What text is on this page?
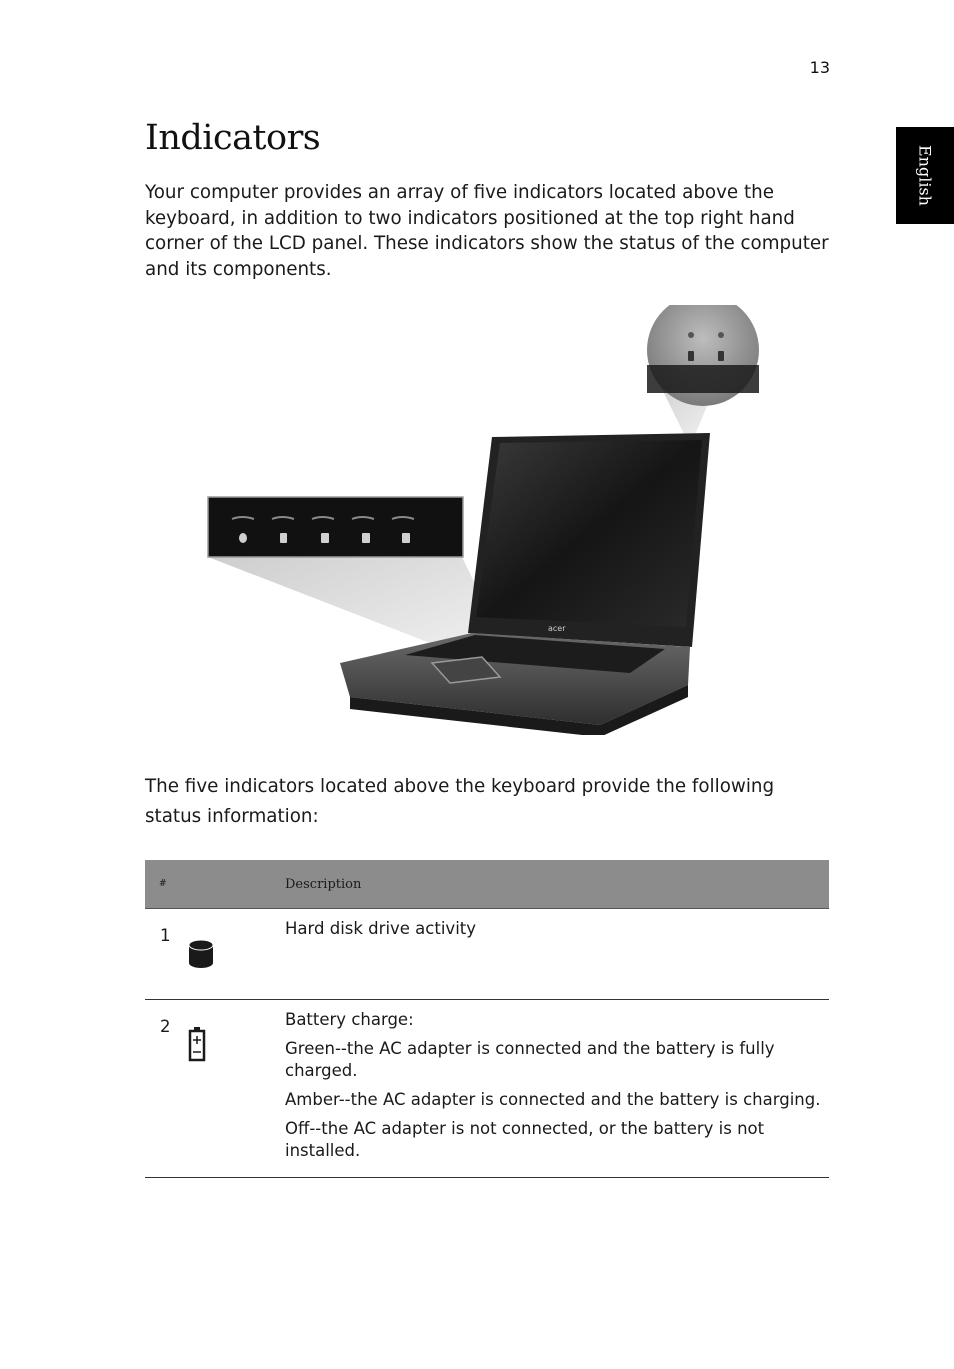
13
English
Indicators

Your computer provides an array of five indicators located above the keyboard, in addition to two indicators positioned at the top right hand corner of the LCD panel. These indicators show the status of the computer and its components.

acer

The five indicators located above the keyboard provide the following status information:

#	Description

1	Hard disk drive activity

2	Battery charge:

Green--the AC adapter is connected and the battery is fully charged.

Amber--the AC adapter is connected and the battery is charging.

Off--the AC adapter is not connected, or the battery is not installed.
